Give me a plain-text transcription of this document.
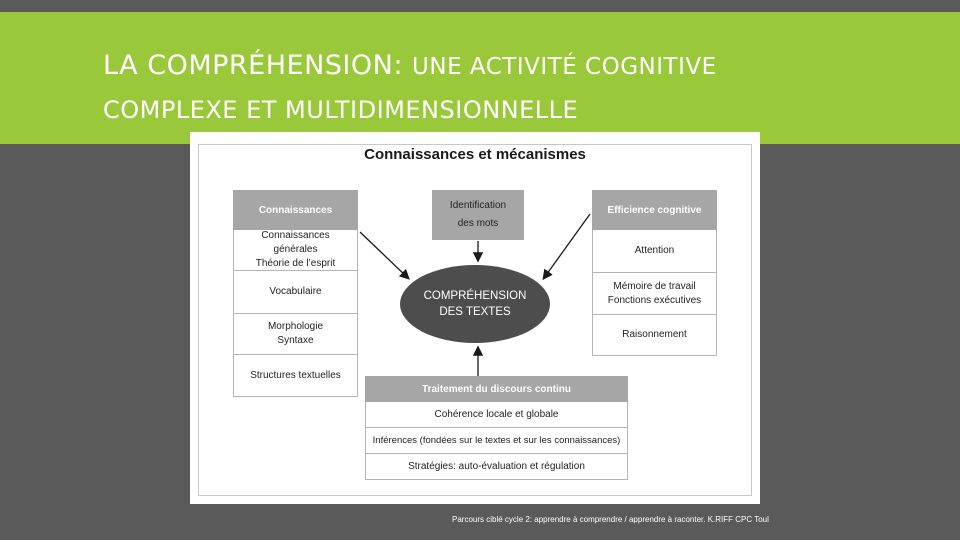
LA COMPRÉHENSION: UNE ACTIVITÉ COGNITIVE
COMPLEXE ET MULTIDIMENSIONNELLE
Connaissances et mécanismes
Connaissances
Connaissances générales
Théorie de l’esprit
Vocabulaire
Morphologie
Syntaxe
Structures textuelles
Identification
des mots
Efficience cognitive
Attention
Mémoire de travail
Fonctions exécutives
Raisonnement
COMPRÉHENSION
DES TEXTES
Traitement du discours continu
Cohérence locale et globale
Inférences (fondées sur le textes et sur les connaissances)
Stratégies: auto-évaluation et régulation
Parcours ciblé cycle 2: apprendre à comprendre / apprendre à raconter. K.RIFF CPC Toul
